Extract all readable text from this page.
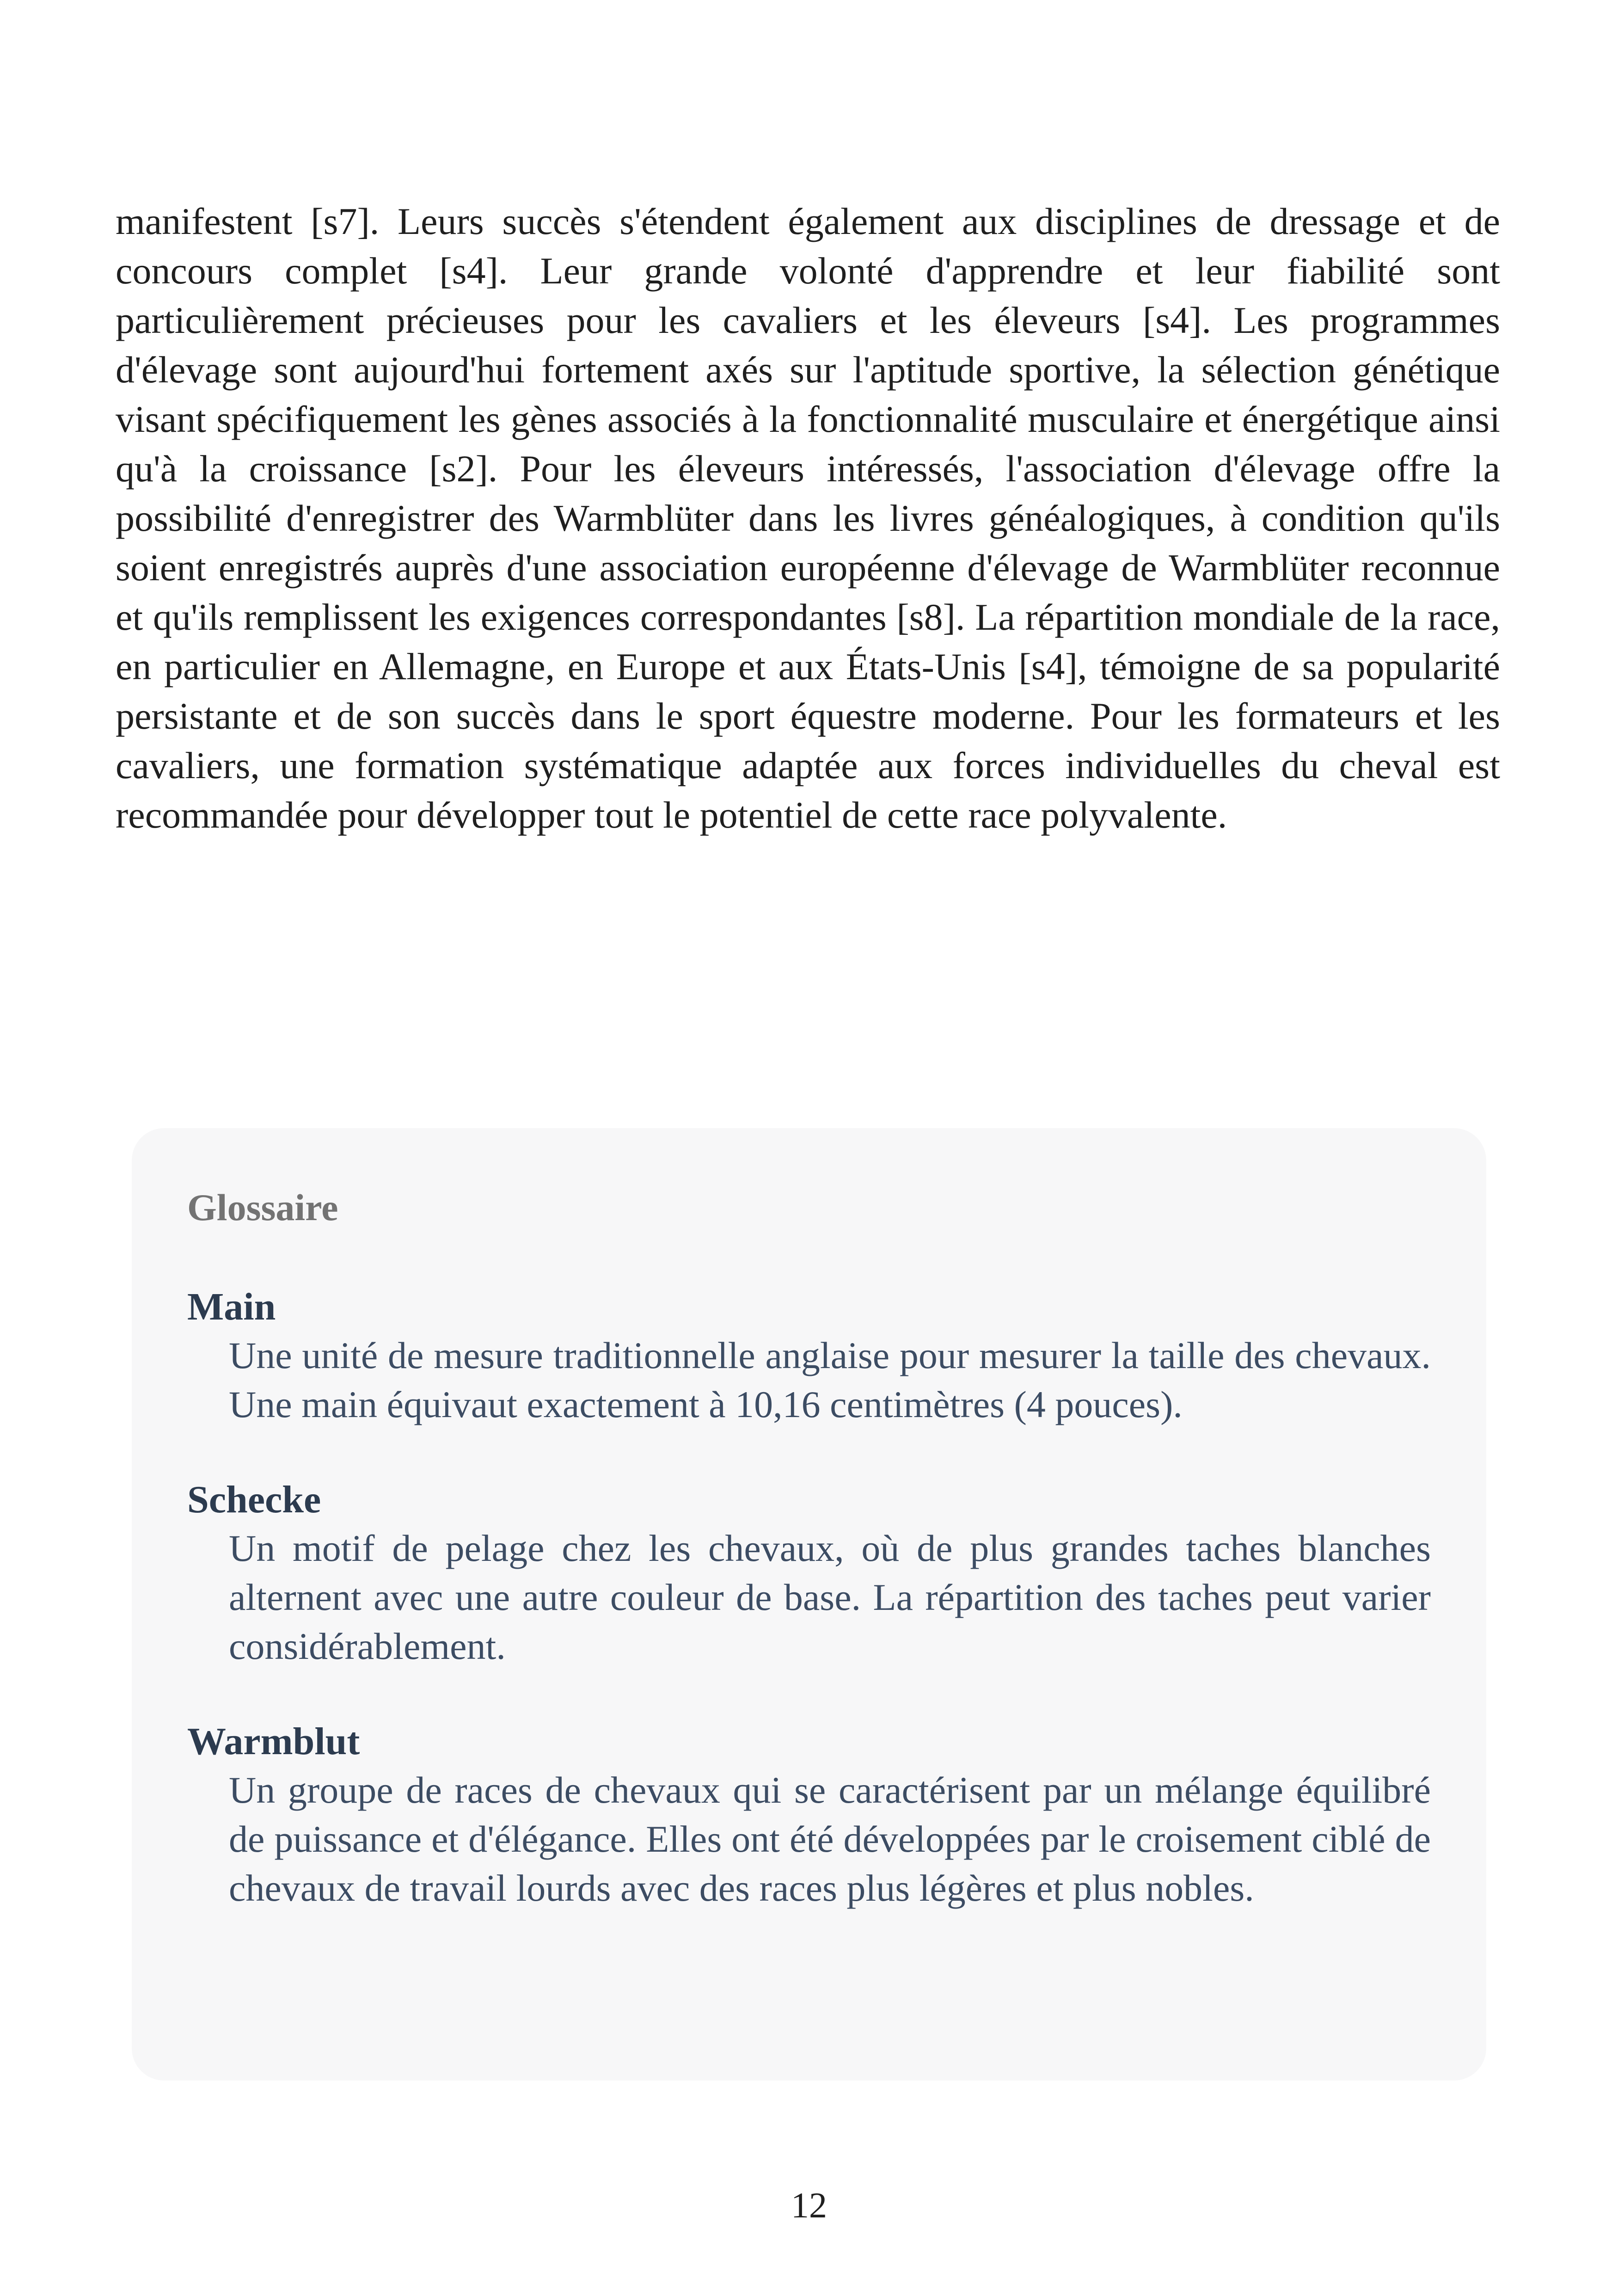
manifestent [s7]. Leurs succès s'étendent également aux disciplines de dressage et de concours complet [s4]. Leur grande volonté d'apprendre et leur fiabilité sont particulièrement précieuses pour les cavaliers et les éleveurs [s4]. Les programmes d'élevage sont aujourd'hui fortement axés sur l'aptitude sportive, la sélection génétique visant spécifiquement les gènes associés à la fonctionnalité musculaire et énergétique ainsi qu'à la croissance [s2]. Pour les éleveurs intéressés, l'association d'élevage offre la possibilité d'enregistrer des Warmblüter dans les livres généalogiques, à condition qu'ils soient enregistrés auprès d'une association européenne d'élevage de Warmblüter reconnue et qu'ils remplissent les exigences correspondantes [s8]. La répartition mondiale de la race, en particulier en Allemagne, en Europe et aux États-Unis [s4], témoigne de sa popularité persistante et de son succès dans le sport équestre moderne. Pour les formateurs et les cavaliers, une formation systématique adaptée aux forces individuelles du cheval est recommandée pour développer tout le potentiel de cette race polyvalente.

Glossaire

Main

Une unité de mesure traditionnelle anglaise pour mesurer la taille des chevaux. Une main équivaut exactement à 10,16 centimètres (4 pouces).

Schecke

Un motif de pelage chez les chevaux, où de plus grandes taches blanches alternent avec une autre couleur de base. La répartition des taches peut varier considérablement.

Warmblut

Un groupe de races de chevaux qui se caractérisent par un mélange équilibré de puissance et d'élégance. Elles ont été développées par le croisement ciblé de chevaux de travail lourds avec des races plus légères et plus nobles.

12
